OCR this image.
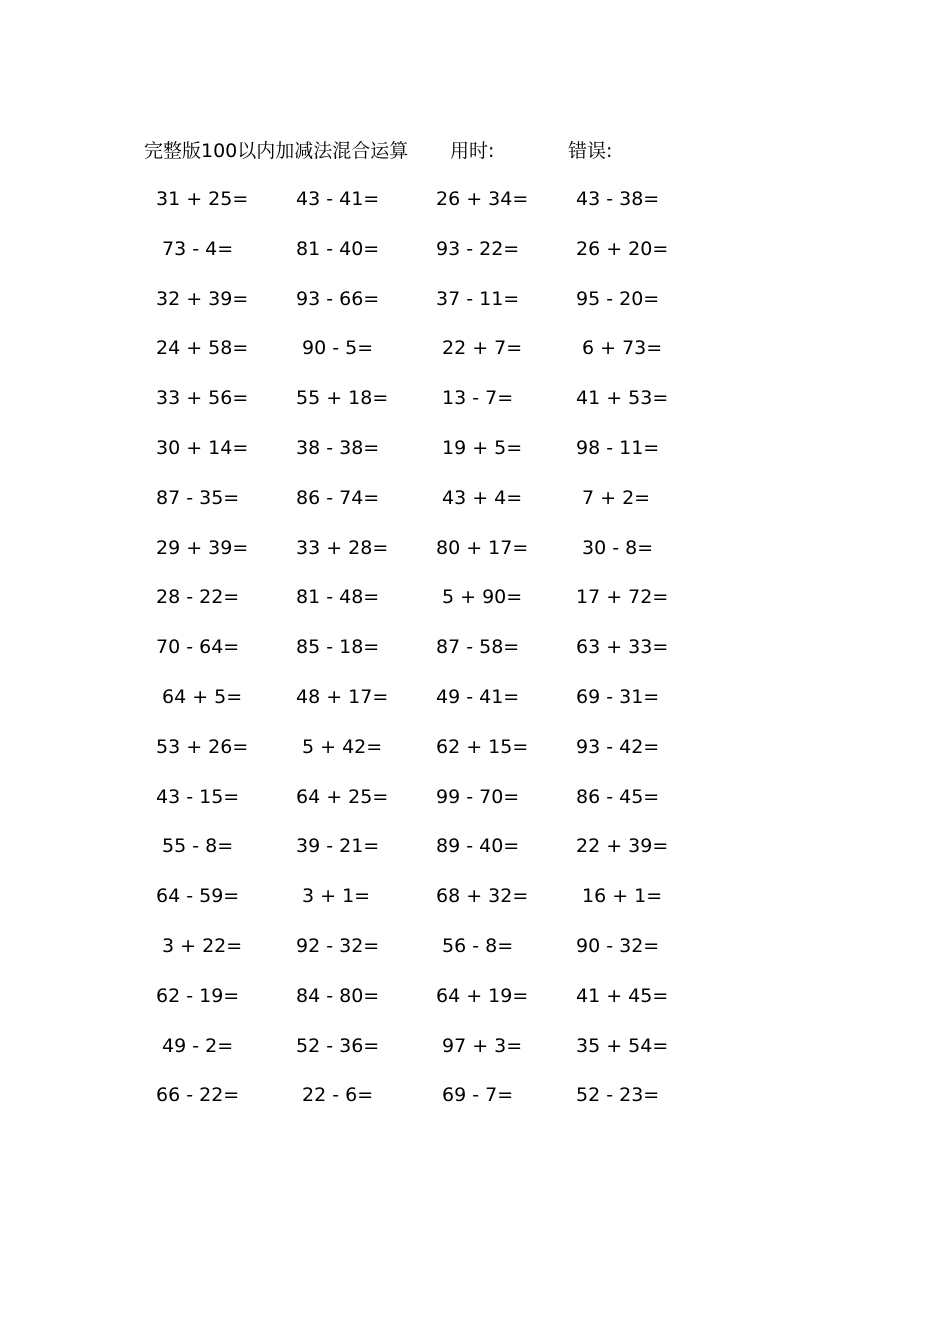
完整版100以内加减法混合运算 用时:	错误:
31 + 25=	43 - 41=	26 + 34=	43 - 38=
73 - 4=	81 - 40=	93 - 22=	26 + 20=
32 + 39=	93 - 66=	37 - 11=	95 - 20=
24 + 58=	90 - 5=	22 + 7=	6 + 73=
33 + 56=	55 + 18=	13 - 7=	41 + 53=
30 + 14=	38 - 38=	19 + 5=	98 - 11=
87 - 35=	86 - 74=	43 + 4=	7 + 2=
29 + 39=	33 + 28=	80 + 17=	30 - 8=
28 - 22=	81 - 48=	5 + 90=	17 + 72=
70 - 64=	85 - 18=	87 - 58=	63 + 33=
64 + 5=	48 + 17=	49 - 41=	69 - 31=
53 + 26=	5 + 42=	62 + 15=	93 - 42=
43 - 15=	64 + 25=	99 - 70=	86 - 45=
55 - 8=	39 - 21=	89 - 40=	22 + 39=
64 - 59=	3 + 1=	68 + 32=	16 + 1=
3 + 22=	92 - 32=	56 - 8=	90 - 32=
62 - 19=	84 - 80=	64 + 19=	41 + 45=
49 - 2=	52 - 36=	97 + 3=	35 + 54=
66 - 22=	22 - 6=	69 - 7=	52 - 23=
